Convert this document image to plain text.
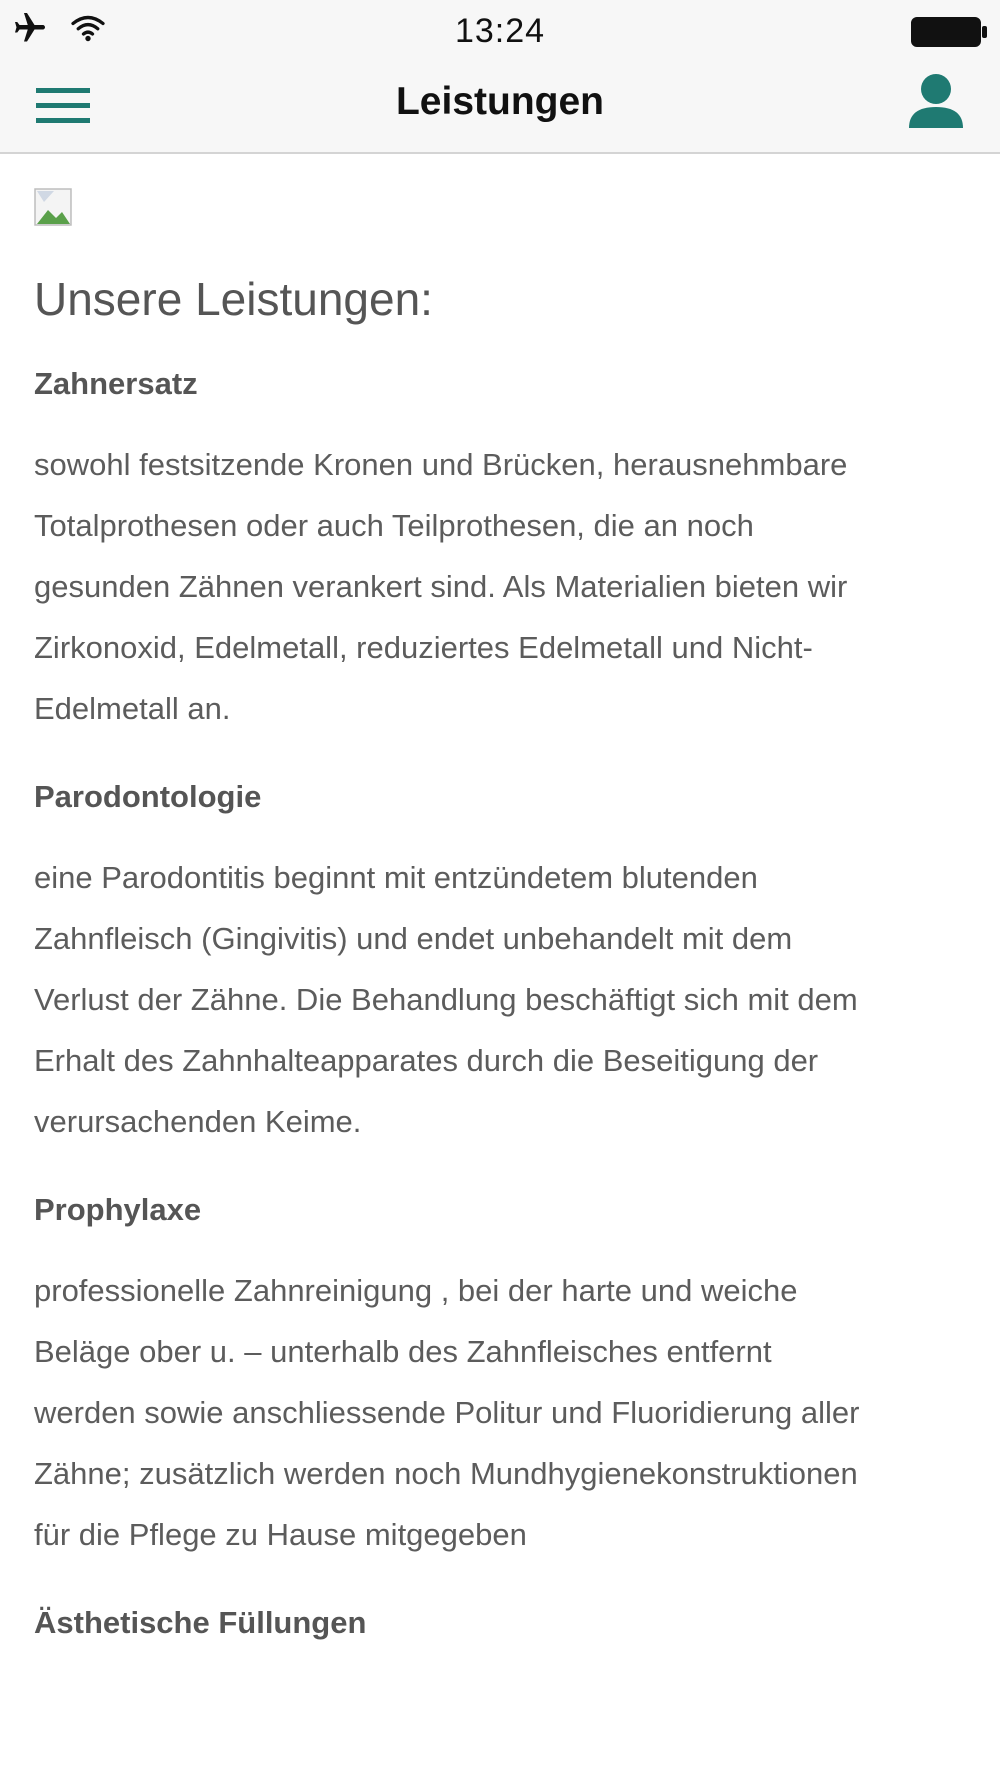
13:24
Leistungen
Unsere Leistungen:
Zahnersatz
sowohl festsitzende Kronen und Brücken, herausnehmbare
Totalprothesen oder auch Teilprothesen, die an noch
gesunden Zähnen verankert sind. Als Materialien bieten wir
Zirkonoxid, Edelmetall, reduziertes Edelmetall und Nicht-
Edelmetall an.
Parodontologie
eine Parodontitis beginnt mit entzündetem blutenden
Zahnfleisch (Gingivitis) und endet unbehandelt mit dem
Verlust der Zähne. Die Behandlung beschäftigt sich mit dem
Erhalt des Zahnhalteapparates durch die Beseitigung der
verursachenden Keime.
Prophylaxe
professionelle Zahnreinigung , bei der harte und weiche
Beläge ober u. – unterhalb des Zahnfleisches entfernt
werden sowie anschliessende Politur und Fluoridierung aller
Zähne; zusätzlich werden noch Mundhygienekonstruktionen
für die Pflege zu Hause mitgegeben
Ästhetische Füllungen
